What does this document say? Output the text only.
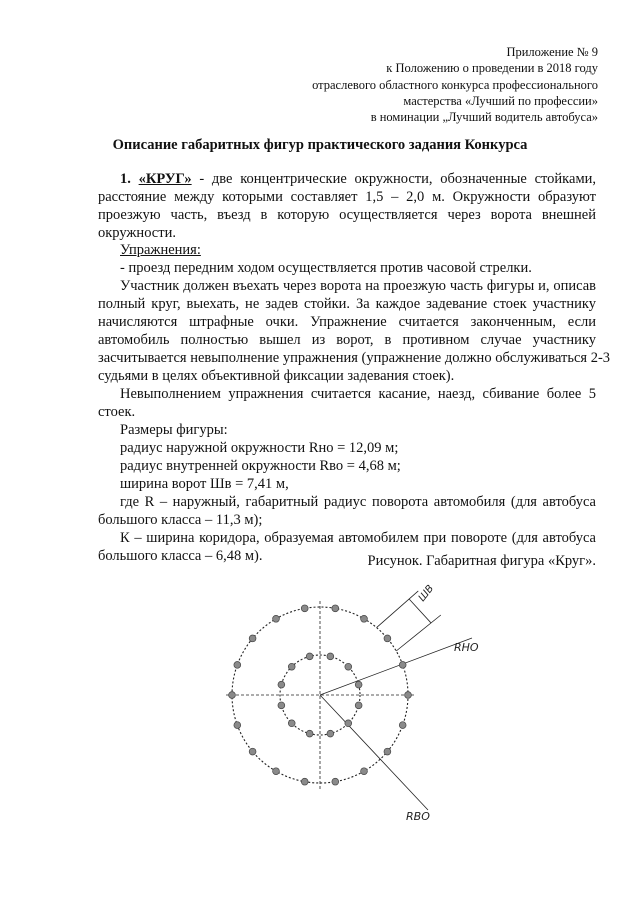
Приложение № 9
к Положению о проведении в 2018 году
отраслевого областного конкурса профессионального
мастерства «Лучший по профессии»
в номинации „Лучший водитель автобуса»
Описание габаритных фигур практического задания Конкурса
1. «КРУГ» - две концентрические окружности, обозначенные стойками,
расстояние между которыми составляет 1,5 – 2,0 м. Окружности образуют
проезжую часть, въезд в которую осуществляется через ворота внешней
окружности.
Упражнения:
- проезд передним ходом осуществляется против часовой стрелки.
Участник должен въехать через ворота на проезжую часть фигуры и, описав
полный круг, выехать, не задев стойки. За каждое задевание стоек участнику
начисляются штрафные очки. Упражнение считается законченным, если
автомобиль полностью вышел из ворот, в противном случае участнику
засчитывается невыполнение упражнения (упражнение должно обслуживаться 2-3
судьями в целях объективной фиксации задевания стоек).
Невыполнением упражнения считается касание, наезд, сбивание более 5
стоек.
Размеры фигуры:
радиус наружной окружности Rно = 12,09 м;
радиус внутренней окружности Rво = 4,68 м;
ширина ворот Шв = 7,41 м,
где R – наружный, габаритный радиус поворота автомобиля (для автобуса
большого класса – 11,3 м);
К – ширина коридора, образуемая автомобилем при повороте (для автобуса
большого класса – 6,48 м).	Рисунок. Габаритная фигура «Круг».
RНО
RВО
ШВ
